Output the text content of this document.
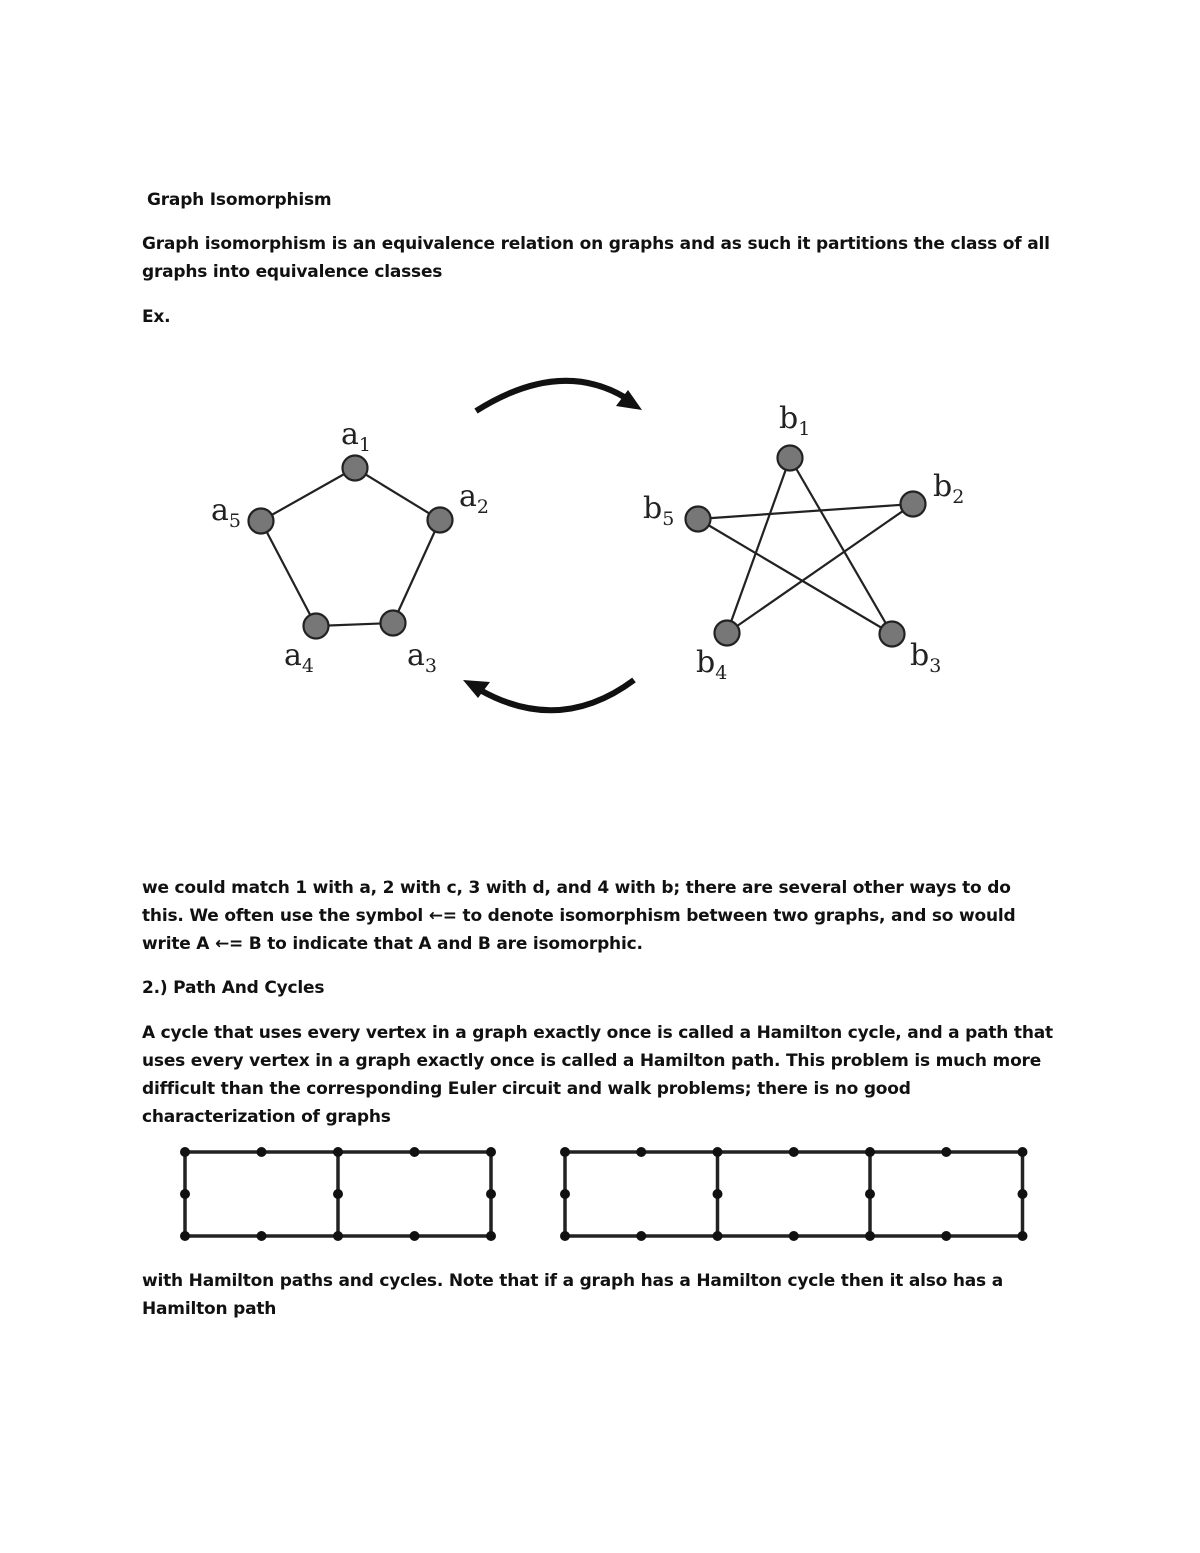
Graph Isomorphism
Graph isomorphism is an equivalence relation on graphs and as such it partitions the class of all graphs into equivalence classes
Ex.
$a_1$
$a_2$
$a_3$
$a_4$
$a_5$
$b_1$
$b_2$
$b_3$
$b_4$
$b_5$
we could match 1 with a, 2 with c, 3 with d, and 4 with b; there are several other ways to do this. We often use the symbol ←= to denote isomorphism between two graphs, and so would write A ←= B to indicate that A and B are isomorphic.
2.) Path And Cycles
A cycle that uses every vertex in a graph exactly once is called a Hamilton cycle, and a path that uses every vertex in a graph exactly once is called a Hamilton path. This problem is much more difficult than the corresponding Euler circuit and walk problems; there is no good characterization of graphs
with Hamilton paths and cycles. Note that if a graph has a Hamilton cycle then it also has a Hamilton path
